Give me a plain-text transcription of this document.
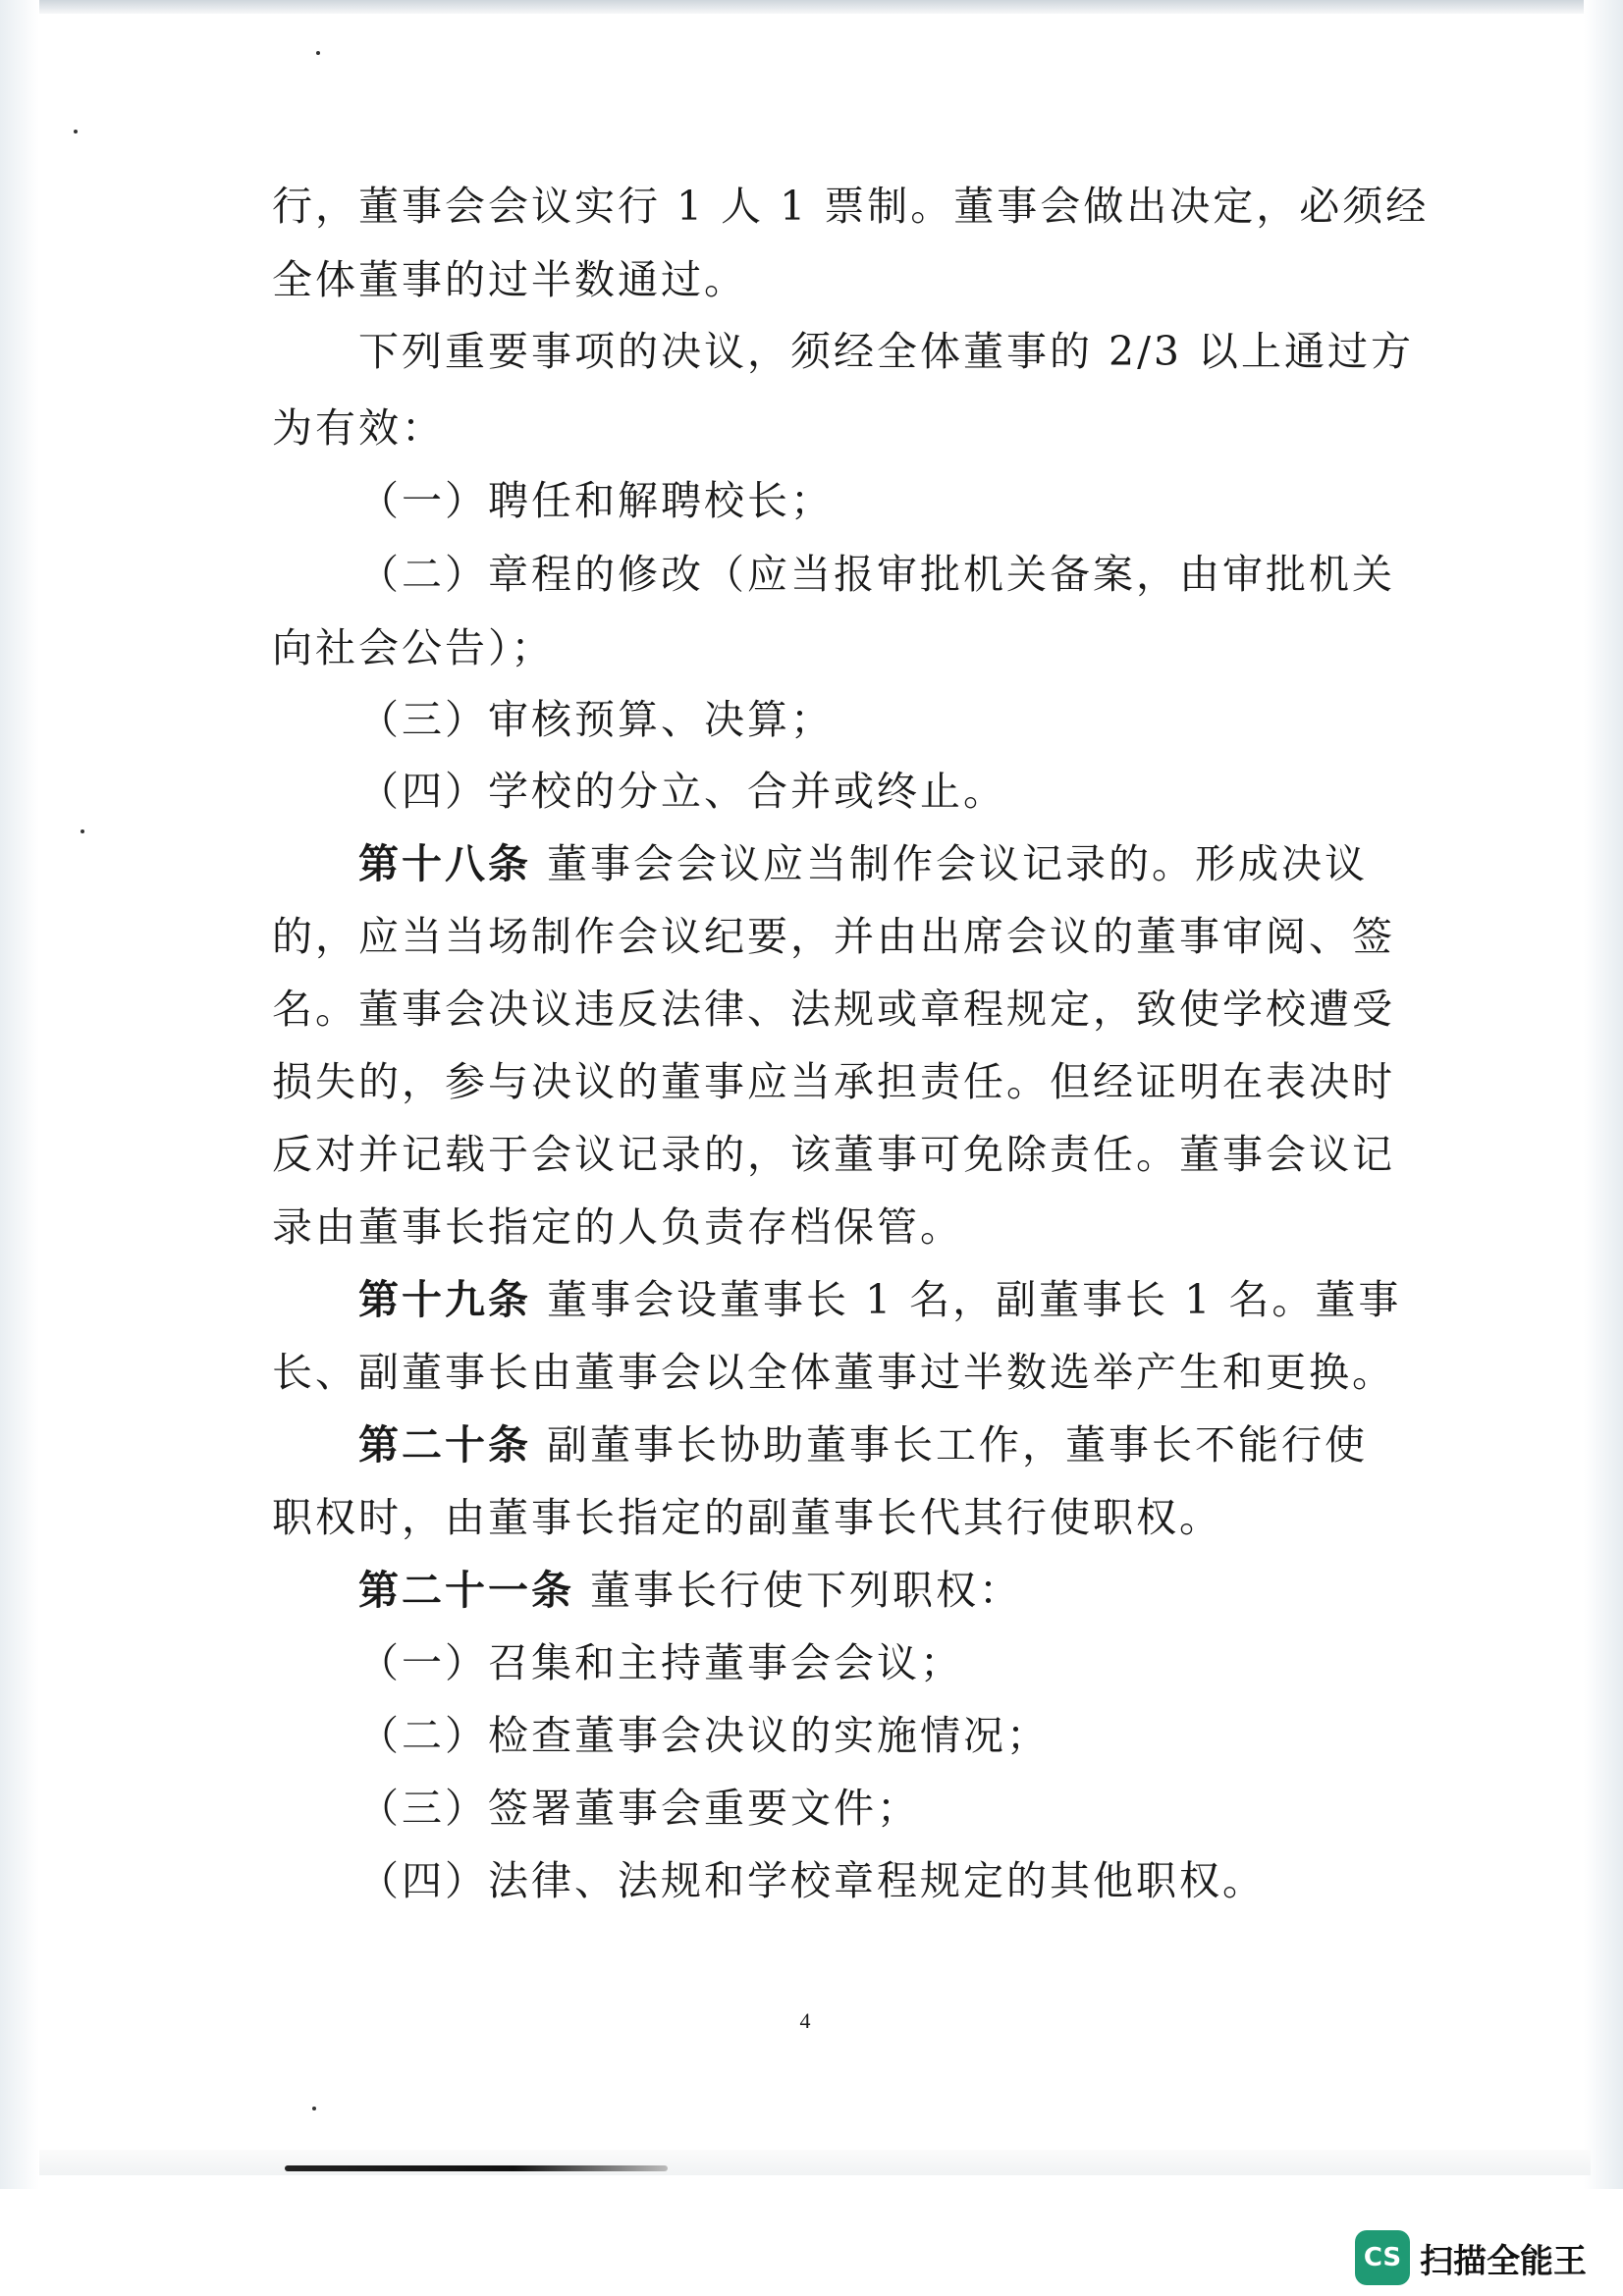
行，董事会会议实行 1 人 1 票制。董事会做出决定，必须经

全体董事的过半数通过。

下列重要事项的决议，须经全体董事的 2/3 以上通过方

为有效：

（一）聘任和解聘校长；

（二）章程的修改（应当报审批机关备案，由审批机关

向社会公告）；

（三）审核预算、决算；

（四）学校的分立、合并或终止。

第十八条 董事会会议应当制作会议记录的。形成决议

的，应当当场制作会议纪要，并由出席会议的董事审阅、签

名。董事会决议违反法律、法规或章程规定，致使学校遭受

损失的，参与决议的董事应当承担责任。但经证明在表决时

反对并记载于会议记录的，该董事可免除责任。董事会议记

录由董事长指定的人负责存档保管。

第十九条 董事会设董事长 1 名，副董事长 1 名。董事

长、副董事长由董事会以全体董事过半数选举产生和更换。

第二十条 副董事长协助董事长工作，董事长不能行使

职权时，由董事长指定的副董事长代其行使职权。

第二十一条 董事长行使下列职权：

（一）召集和主持董事会会议；

（二）检查董事会决议的实施情况；

（三）签署董事会重要文件；

（四）法律、法规和学校章程规定的其他职权。

4
CS 扫描全能王
